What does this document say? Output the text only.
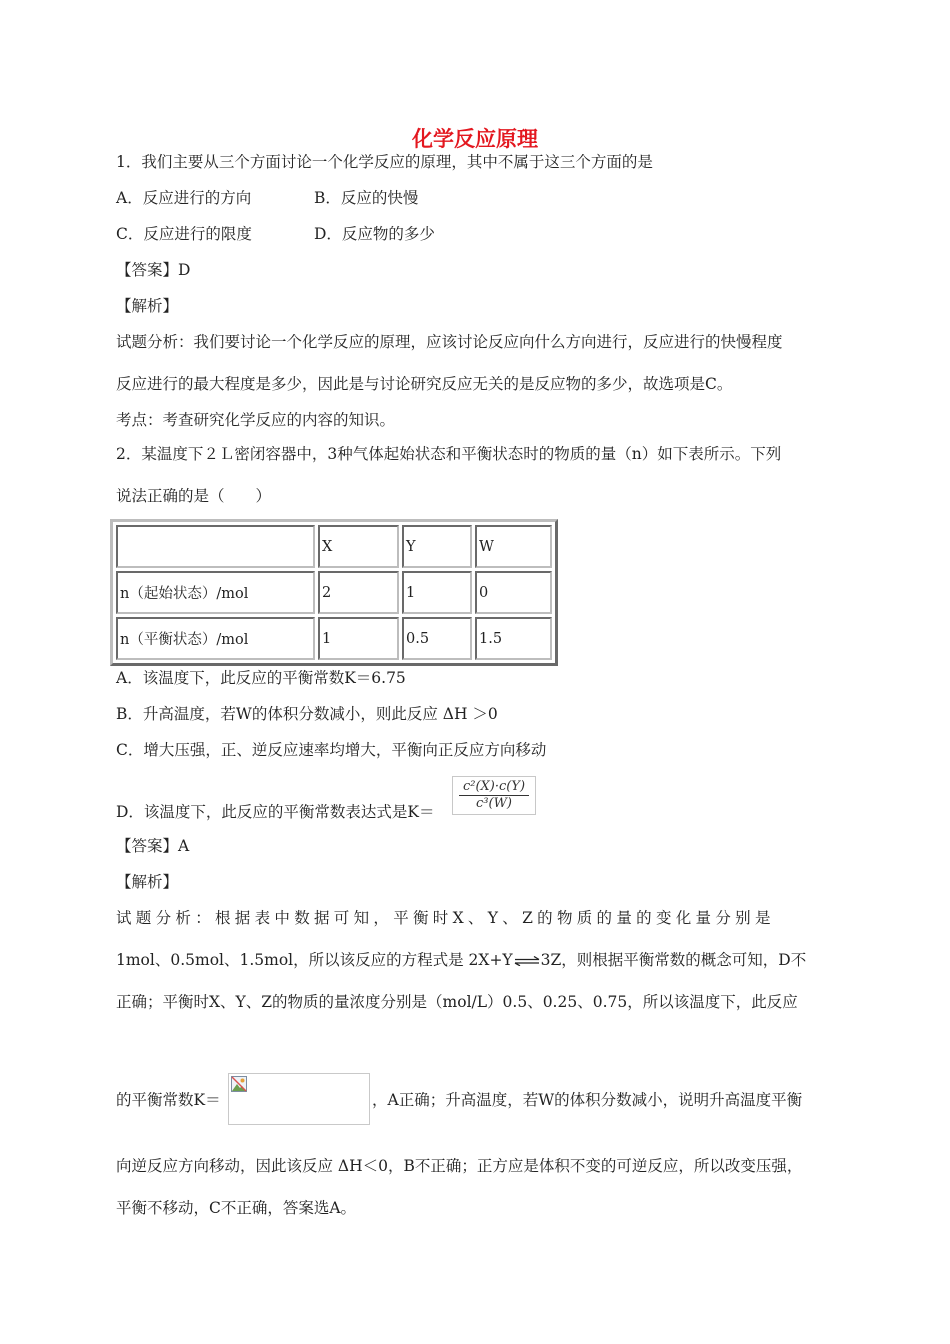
化学反应原理
1．我们主要从三个方面讨论一个化学反应的原理，其中不属于这三个方面的是
A．反应进行的方向	B．反应的快慢
C．反应进行的限度	D．反应物的多少
【答案】D
【解析】
试题分析：我们要讨论一个化学反应的原理，应该讨论反应向什么方向进行，反应进行的快慢程度
反应进行的最大程度是多少，因此是与讨论研究反应无关的是反应物的多少，故选项是C。
考点：考查研究化学反应的内容的知识。
2．某温度下２Ｌ密闭容器中，3种气体起始状态和平衡状态时的物质的量（n）如下表所示。下列
说法正确的是（　　）
	X	Y	W
n（起始状态）/mol	2	1	0
n（平衡状态）/mol	1	0.5	1.5
A．该温度下，此反应的平衡常数K＝6.75
B．升高温度，若W的体积分数减小，则此反应 ΔH ＞0
C．增大压强，正、逆反应速率均增大，平衡向正反应方向移动
D．该温度下，此反应的平衡常数表达式是K＝
c²(X)·c(Y)
c³(W)
【答案】A
【解析】
试题分析：根据表中数据可知，平衡时X、Y、Z的物质的量的变化量分别是
1mol、0.5mol、1.5mol，所以该反应的方程式是 2X+Y⇌3Z，则根据平衡常数的概念可知，D不
正确；平衡时X、Y、Z的物质的量浓度分别是（mol/L）0.5、0.25、0.75，所以该温度下，此反应
的平衡常数K＝	，A正确；升高温度，若W的体积分数减小，说明升高温度平衡
向逆反应方向移动，因此该反应 ΔH＜0，B不正确；正方应是体积不变的可逆反应，所以改变压强，
平衡不移动，C不正确，答案选A。
